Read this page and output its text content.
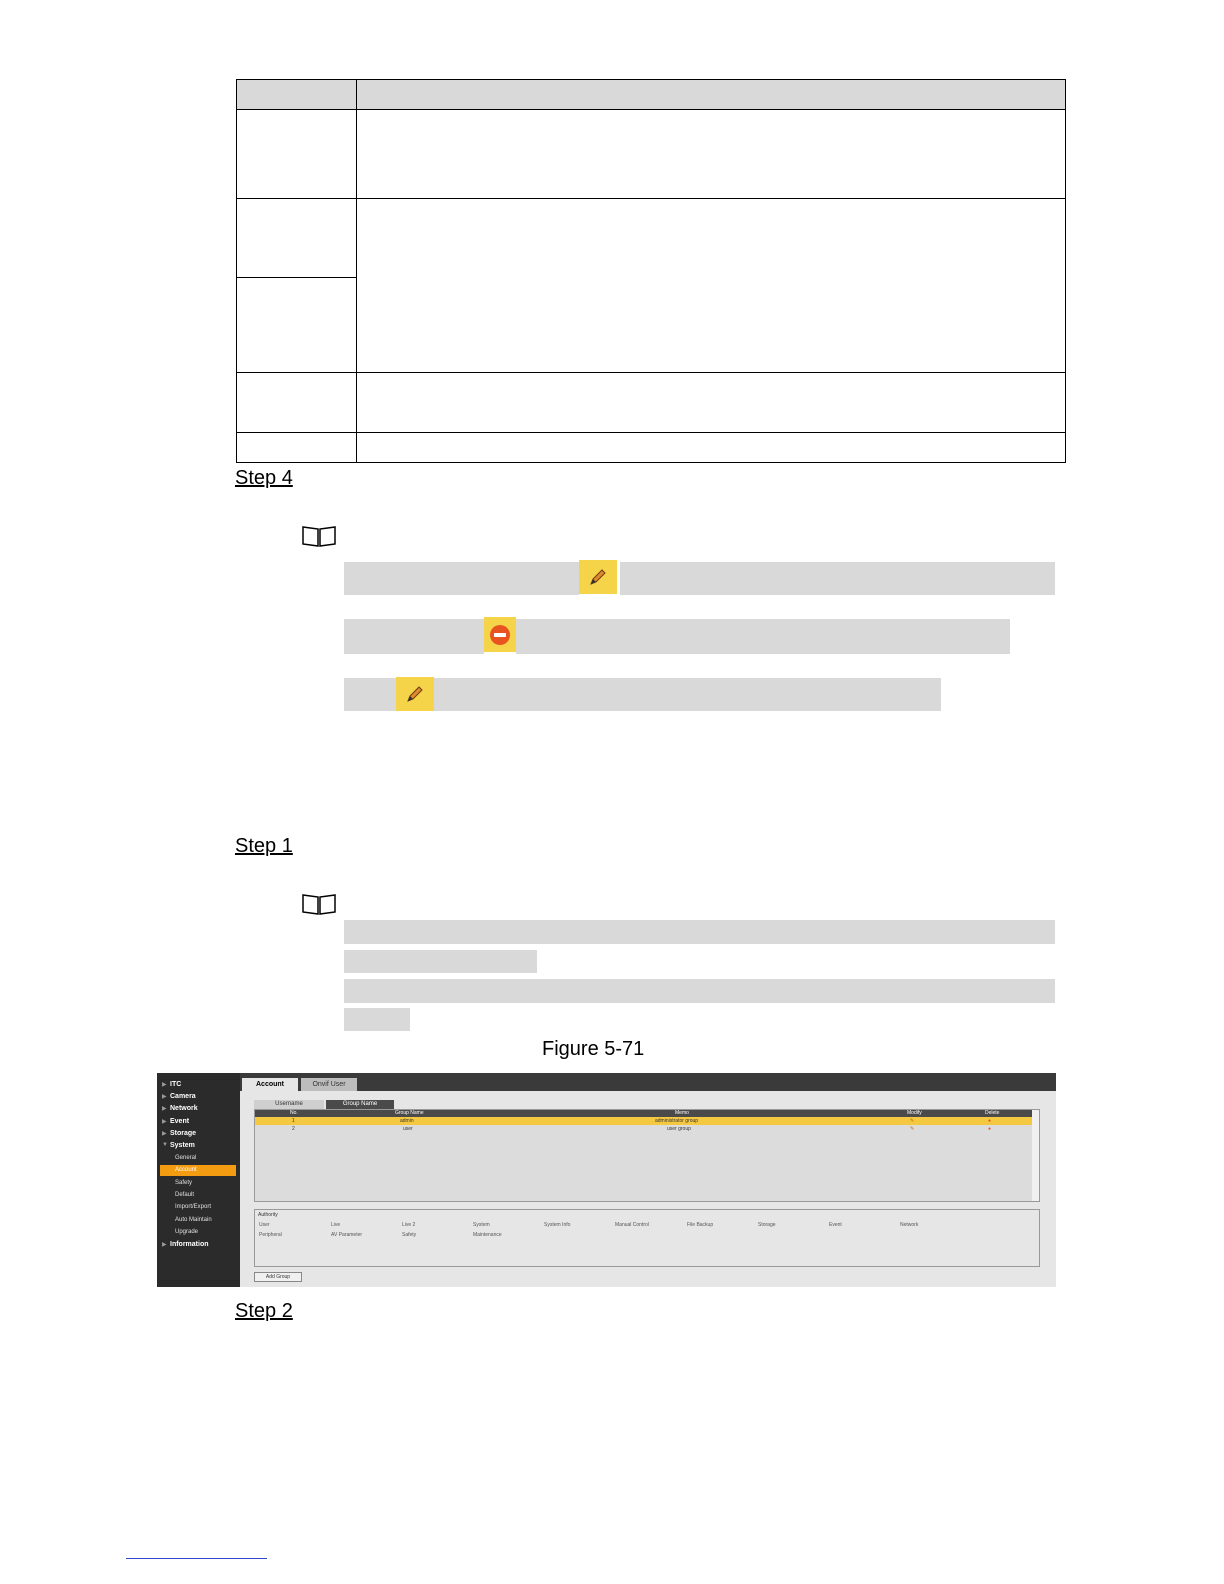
Step 4
Step 1
Figure 5-71
▶ ITC
▶ Camera
▶ Network
▶ Event
▶ Storage
▼ System
General
Account
Safety
Default
Import/Export
Auto Maintain
Upgrade
▶ Information
Account	Onvif User
Username	Group Name
No.	Group Name	Memo	Modify	Delete
1	admin	administrator group	✎	●
2	user	user group	✎	●
Authority
User	Live	Live 2	System	System Info	Manual Control	File Backup	Storage	Event	Network
Peripheral	AV Parameter	Safety	Maintenance
Add Group
Step 2
